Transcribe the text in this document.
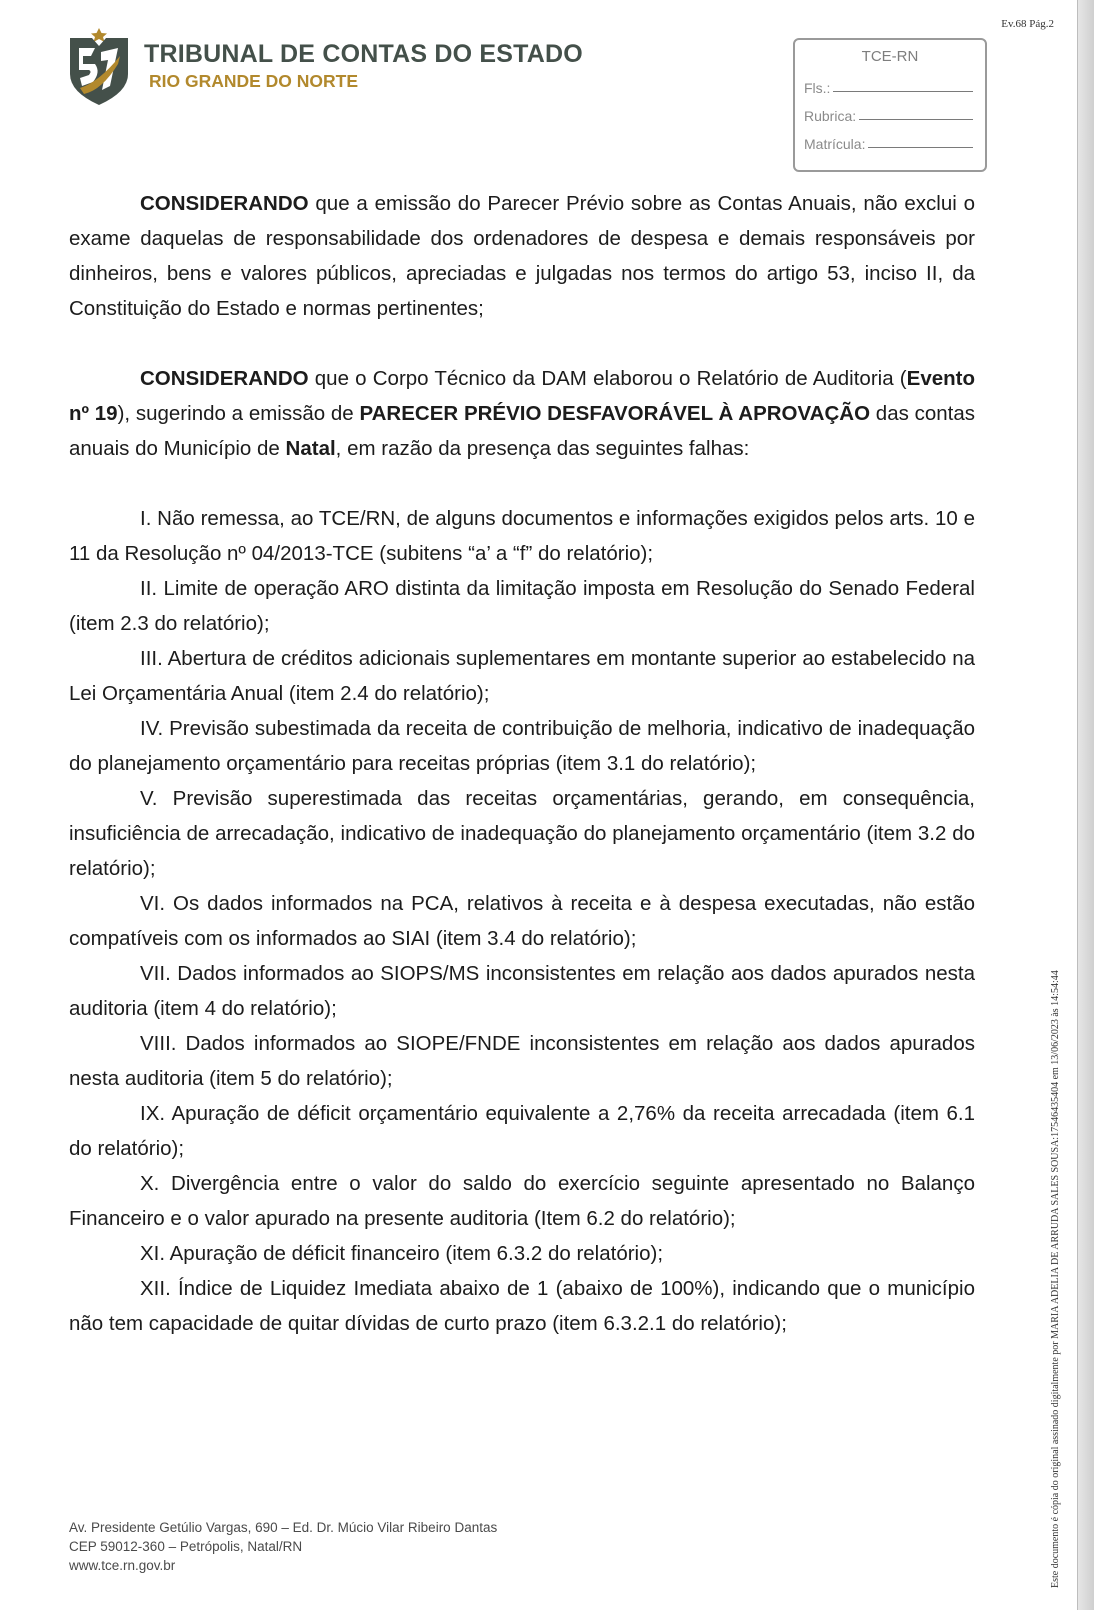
Ev.68 Pág.2
TRIBUNAL DE CONTAS DO ESTADO
RIO GRANDE DO NORTE
TCE-RN
Fls.:
Rubrica:
Matrícula:

CONSIDERANDO que a emissão do Parecer Prévio sobre as Contas Anuais, não exclui o exame daquelas de responsabilidade dos ordenadores de despesa e demais responsáveis por dinheiros, bens e valores públicos, apreciadas e julgadas nos termos do artigo 53, inciso II, da Constituição do Estado e normas pertinentes;

CONSIDERANDO que o Corpo Técnico da DAM elaborou o Relatório de Auditoria (Evento nº 19), sugerindo a emissão de PARECER PRÉVIO DESFAVORÁVEL À APROVAÇÃO das contas anuais do Município de Natal, em razão da presença das seguintes falhas:

I. Não remessa, ao TCE/RN, de alguns documentos e informações exigidos pelos arts. 10 e 11 da Resolução nº 04/2013-TCE (subitens “a’ a “f” do relatório);

II. Limite de operação ARO distinta da limitação imposta em Resolução do Senado Federal (item 2.3 do relatório);

III. Abertura de créditos adicionais suplementares em montante superior ao estabelecido na Lei Orçamentária Anual (item 2.4 do relatório);

IV. Previsão subestimada da receita de contribuição de melhoria, indicativo de inadequação do planejamento orçamentário para receitas próprias (item 3.1 do relatório);

V. Previsão superestimada das receitas orçamentárias, gerando, em consequência, insuficiência de arrecadação, indicativo de inadequação do planejamento orçamentário (item 3.2 do relatório);

VI. Os dados informados na PCA, relativos à receita e à despesa executadas, não estão compatíveis com os informados ao SIAI (item 3.4 do relatório);

VII. Dados informados ao SIOPS/MS inconsistentes em relação aos dados apurados nesta auditoria (item 4 do relatório);

VIII. Dados informados ao SIOPE/FNDE inconsistentes em relação aos dados apurados nesta auditoria (item 5 do relatório);

IX. Apuração de déficit orçamentário equivalente a 2,76% da receita arrecadada (item 6.1 do relatório);

X. Divergência entre o valor do saldo do exercício seguinte apresentado no Balanço Financeiro e o valor apurado na presente auditoria (Item 6.2 do relatório);

XI. Apuração de déficit financeiro (item 6.3.2 do relatório);

XII. Índice de Liquidez Imediata abaixo de 1 (abaixo de 100%), indicando que o município não tem capacidade de quitar dívidas de curto prazo (item 6.3.2.1 do relatório);

Av. Presidente Getúlio Vargas, 690 – Ed. Dr. Múcio Vilar Ribeiro Dantas
CEP 59012-360 – Petrópolis, Natal/RN
www.tce.rn.gov.br	Este documento é cópia do original assinado digitalmente por MARIA ADELIA DE ARRUDA SALES SOUSA:17546435404 em 13/06/2023 às 14:54:44
